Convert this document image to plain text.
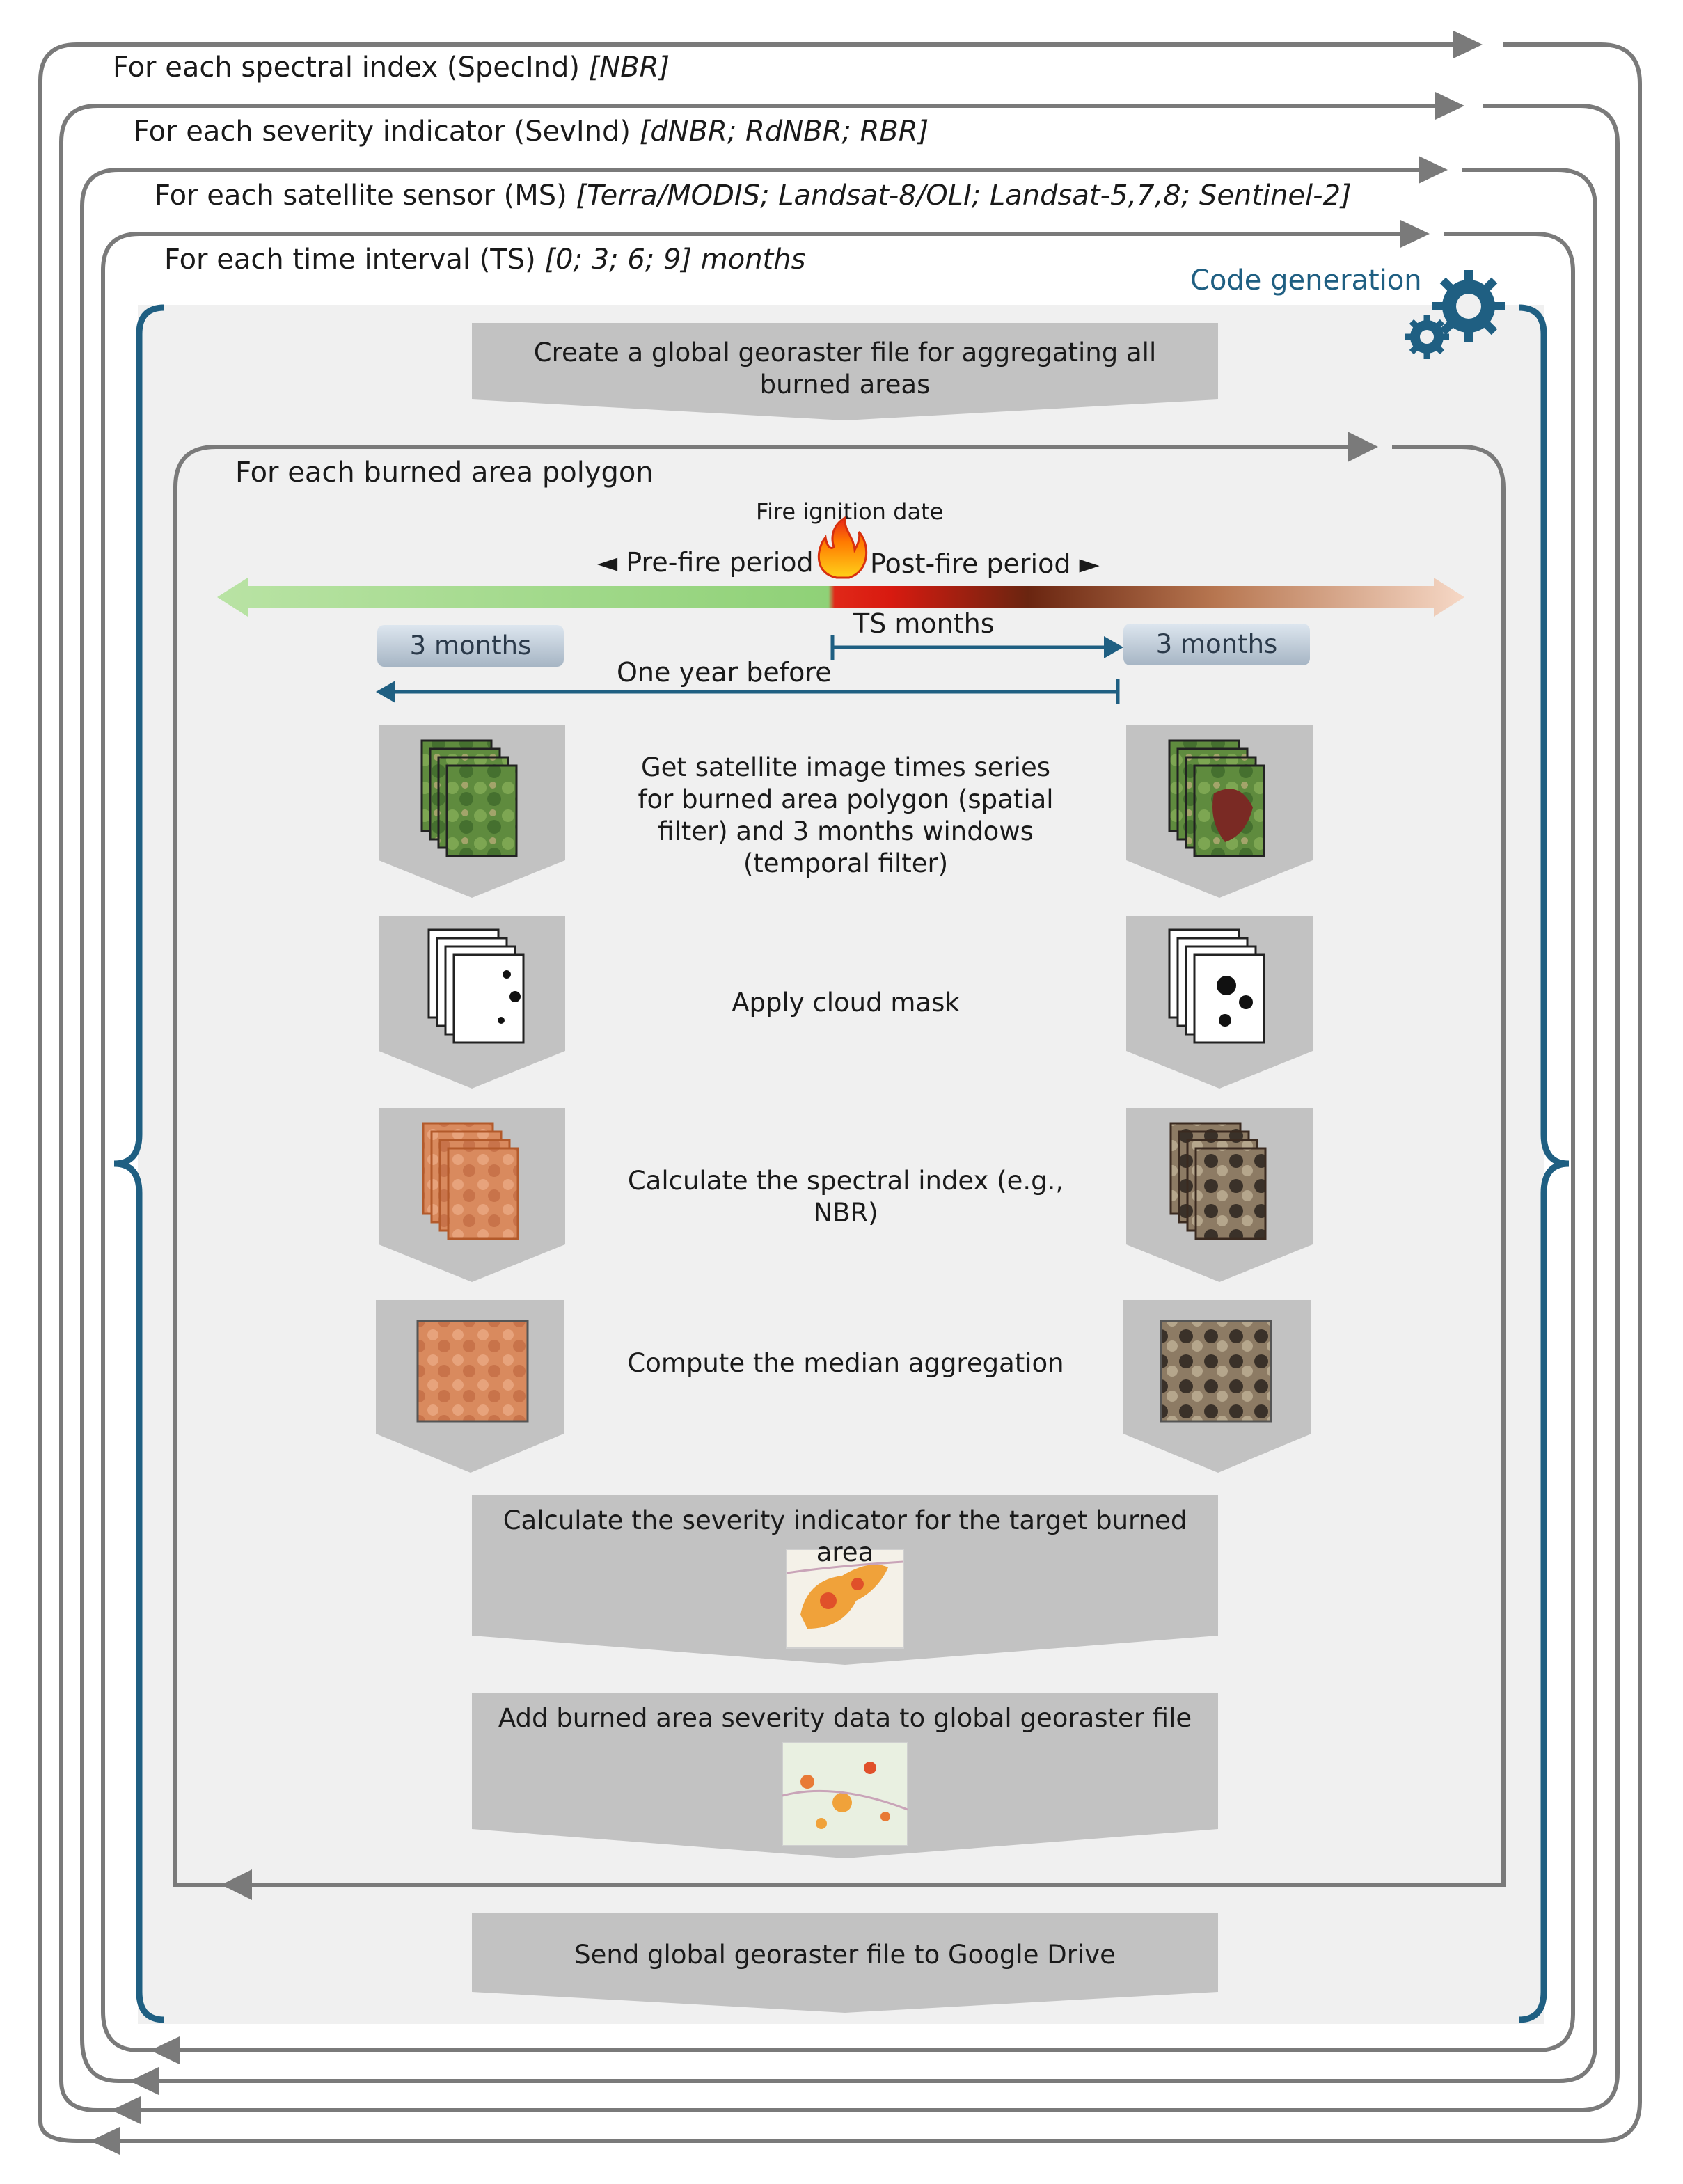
For each spectral index (SpecInd) [NBR]
For each severity indicator (SevInd) [dNBR; RdNBR; RBR]
For each satellite sensor (MS) [Terra/MODIS; Landsat-8/OLI; Landsat-5,7,8; Sentinel-2]
For each time interval (TS) [0; 3; 6; 9] months
Code generation
Create a global georaster file for aggregating all burned areas
For each burned area polygon
Fire ignition date
◄ Pre-fire period Post-fire period ►
3 months	3 months
TS months
One year before
Get satellite image times series for burned area polygon (spatial filter) and 3 months windows (temporal filter)
Apply cloud mask
Calculate the spectral index (e.g., NBR)
Compute the median aggregation
Calculate the severity indicator for the target burned area
Add burned area severity data to global georaster file
Send global georaster file to Google Drive
